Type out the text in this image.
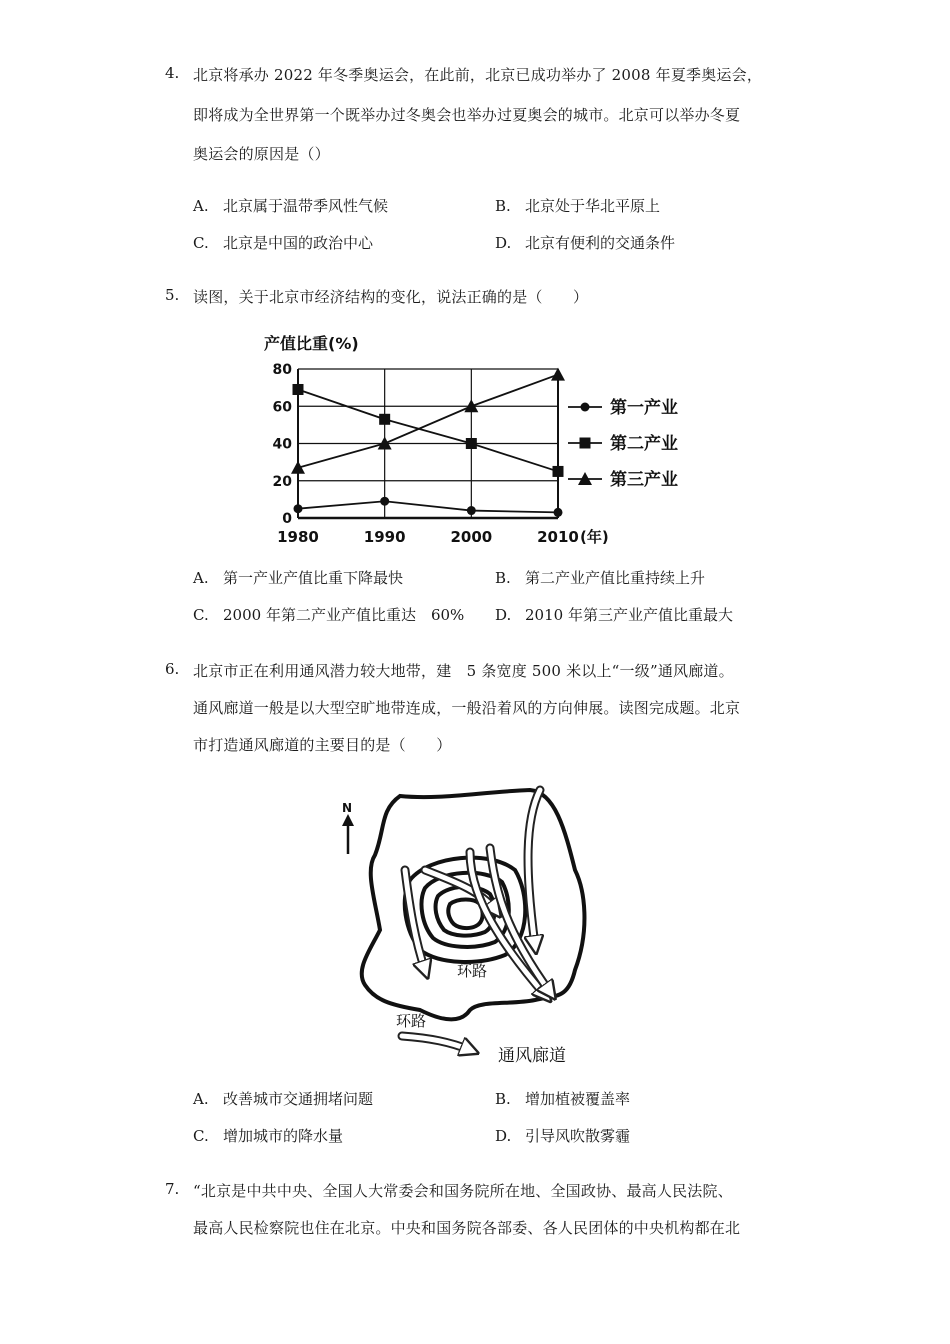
4. 北京将承办 2022 年冬季奥运会，在此前，北京已成功举办了 2008 年夏季奥运会，
即将成为全世界第一个既举办过冬奥会也举办过夏奥会的城市。北京可以举办冬夏
奥运会的原因是（）
A. 北京属于温带季风性气候	B. 北京处于华北平原上
C. 北京是中国的政治中心	D. 北京有便利的交通条件
5. 读图，关于北京市经济结构的变化，说法正确的是（　　）
产值比重(%)
0
20
40
60
80
1980	1990	2000	2010 (年)
第一产业
第二产业
第三产业
A. 第一产业产值比重下降最快	B. 第二产业产值比重持续上升
C. 2000 年第二产业产值比重达　60% D. 2010 年第三产业产值比重最大
6. 北京市正在利用通风潜力较大地带，建　5 条宽度 500 米以上“一级”通风廊道。
通风廊道一般是以大型空旷地带连成，一般沿着风的方向伸展。读图完成题。北京
市打造通风廊道的主要目的是（　　）
N
环路
环路
通风廊道
A. 改善城市交通拥堵问题	B. 增加植被覆盖率
C. 增加城市的降水量	D. 引导风吹散雾霾
7. “北京是中共中央、全国人大常委会和国务院所在地、全国政协、最高人民法院、
最高人民检察院也住在北京。中央和国务院各部委、各人民团体的中央机构都在北
